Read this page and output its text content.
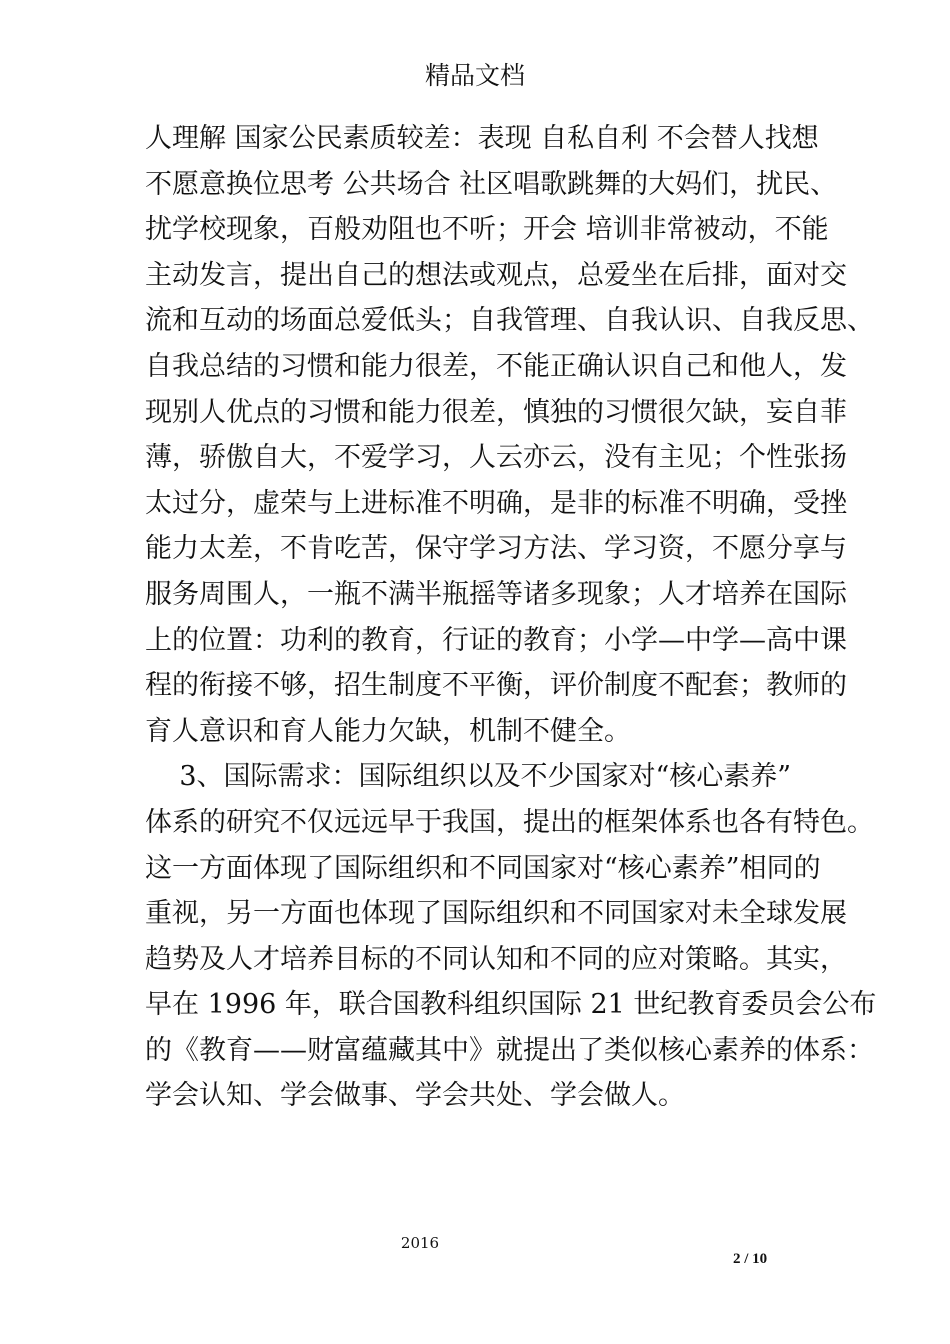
精品文档
人理解 国家公民素质较差：表现 自私自利 不会替人找想
不愿意换位思考 公共场合 社区唱歌跳舞的大妈们，扰民、
扰学校现象，百般劝阻也不听；开会 培训非常被动，不能
主动发言，提出自己的想法或观点，总爱坐在后排，面对交
流和互动的场面总爱低头；自我管理、自我认识、自我反思、
自我总结的习惯和能力很差，不能正确认识自己和他人，发
现别人优点的习惯和能力很差，慎独的习惯很欠缺，妄自菲
薄，骄傲自大，不爱学习，人云亦云，没有主见；个性张扬
太过分，虚荣与上进标准不明确，是非的标准不明确，受挫
能力太差，不肯吃苦，保守学习方法、学习资，不愿分享与
服务周围人，一瓶不满半瓶摇等诸多现象；人才培养在国际
上的位置：功利的教育，行证的教育；小学—中学—高中课
程的衔接不够，招生制度不平衡，评价制度不配套；教师的
育人意识和育人能力欠缺，机制不健全。
3、国际需求：国际组织以及不少国家对“核心素养”
体系的研究不仅远远早于我国，提出的框架体系也各有特色。
这一方面体现了国际组织和不同国家对“核心素养”相同的
重视，另一方面也体现了国际组织和不同国家对未全球发展
趋势及人才培养目标的不同认知和不同的应对策略。其实，
早在 1996 年，联合国教科组织国际 21 世纪教育委员会公布
的《教育——财富蕴藏其中》就提出了类似核心素养的体系：
学会认知、学会做事、学会共处、学会做人。
2016
2 / 10
